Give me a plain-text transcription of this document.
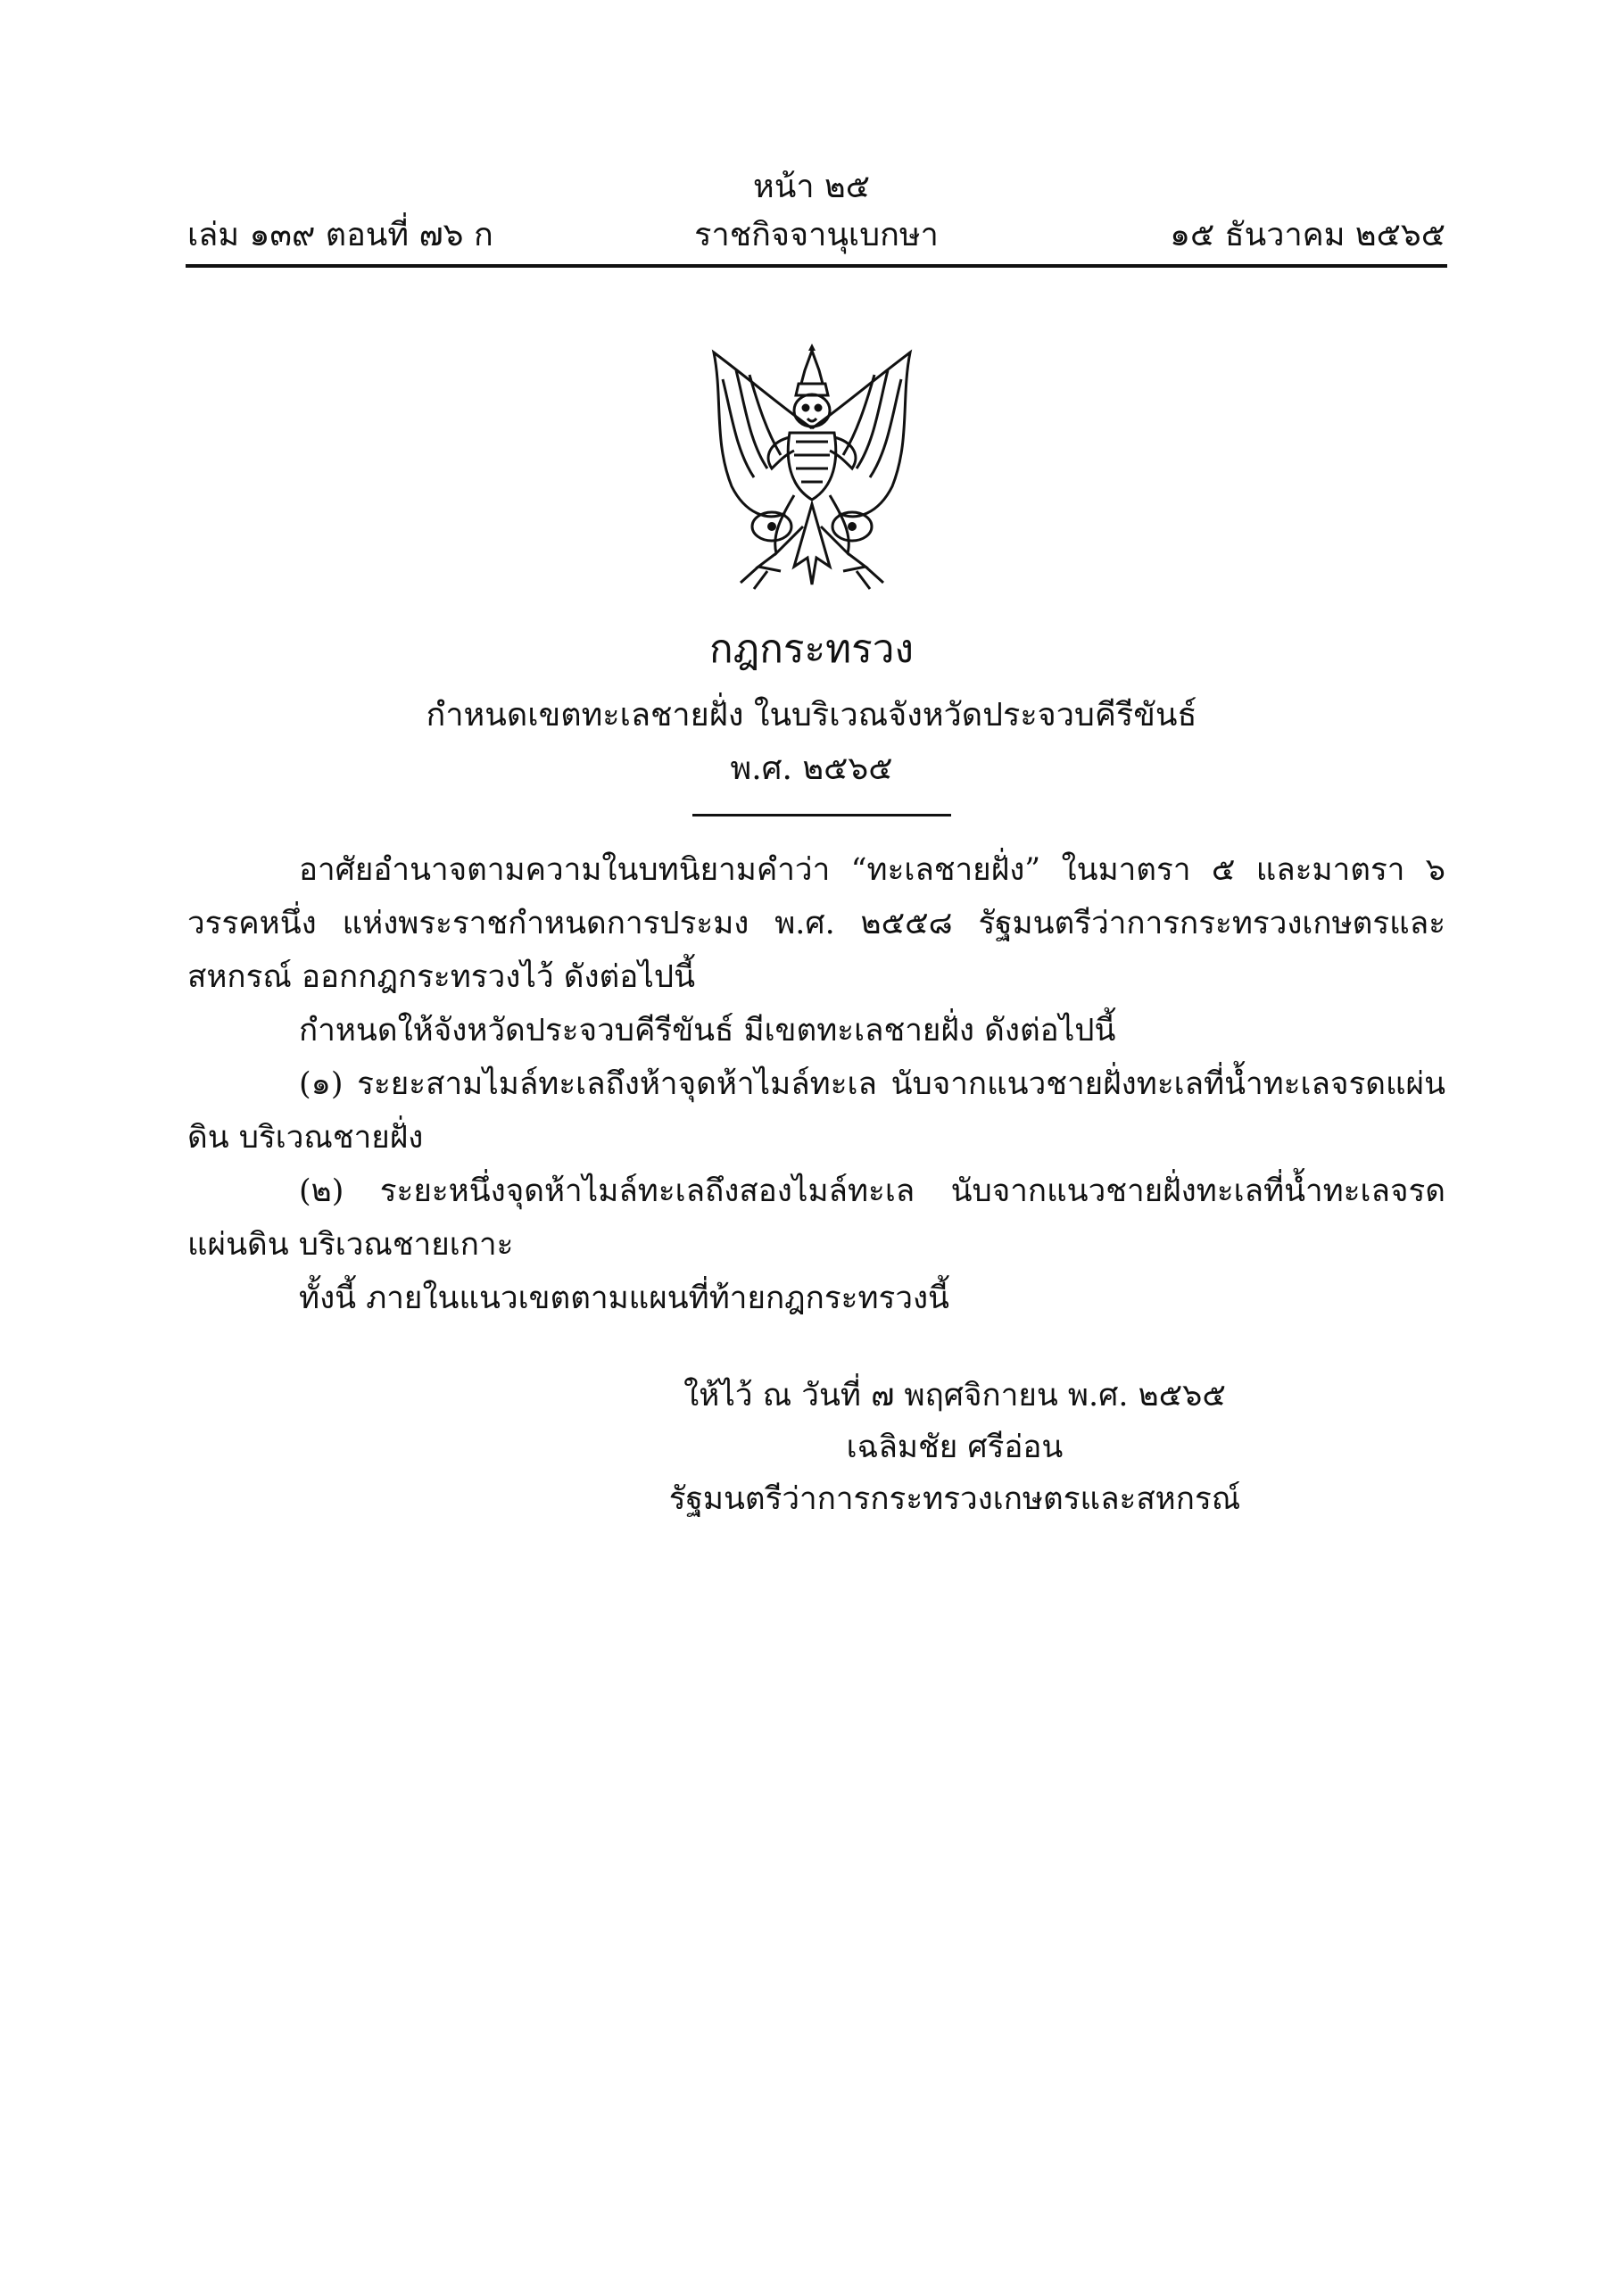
หน้า ๒๕
เล่ม ๑๓๙ ตอนที่ ๗๖ ก	ราชกิจจานุเบกษา	๑๕ ธันวาคม ๒๕๖๕
กฎกระทรวง
กำหนดเขตทะเลชายฝั่ง ในบริเวณจังหวัดประจวบคีรีขันธ์
พ.ศ. ๒๕๖๕

อาศัยอำนาจตามความในบทนิยามคำว่า “ทะเลชายฝั่ง” ในมาตรา ๕ และมาตรา ๖ วรรคหนึ่ง แห่งพระราชกำหนดการประมง พ.ศ. ๒๕๕๘ รัฐมนตรีว่าการกระทรวงเกษตรและสหกรณ์ ออกกฎกระทรวงไว้ ดังต่อไปนี้

กำหนดให้จังหวัดประจวบคีรีขันธ์ มีเขตทะเลชายฝั่ง ดังต่อไปนี้

(๑) ระยะสามไมล์ทะเลถึงห้าจุดห้าไมล์ทะเล นับจากแนวชายฝั่งทะเลที่น้ำทะเลจรดแผ่นดิน บริเวณชายฝั่ง

(๒) ระยะหนึ่งจุดห้าไมล์ทะเลถึงสองไมล์ทะเล นับจากแนวชายฝั่งทะเลที่น้ำทะเลจรดแผ่นดิน บริเวณชายเกาะ

ทั้งนี้ ภายในแนวเขตตามแผนที่ท้ายกฎกระทรวงนี้

ให้ไว้ ณ วันที่ ๗ พฤศจิกายน พ.ศ. ๒๕๖๕
เฉลิมชัย ศรีอ่อน
รัฐมนตรีว่าการกระทรวงเกษตรและสหกรณ์
